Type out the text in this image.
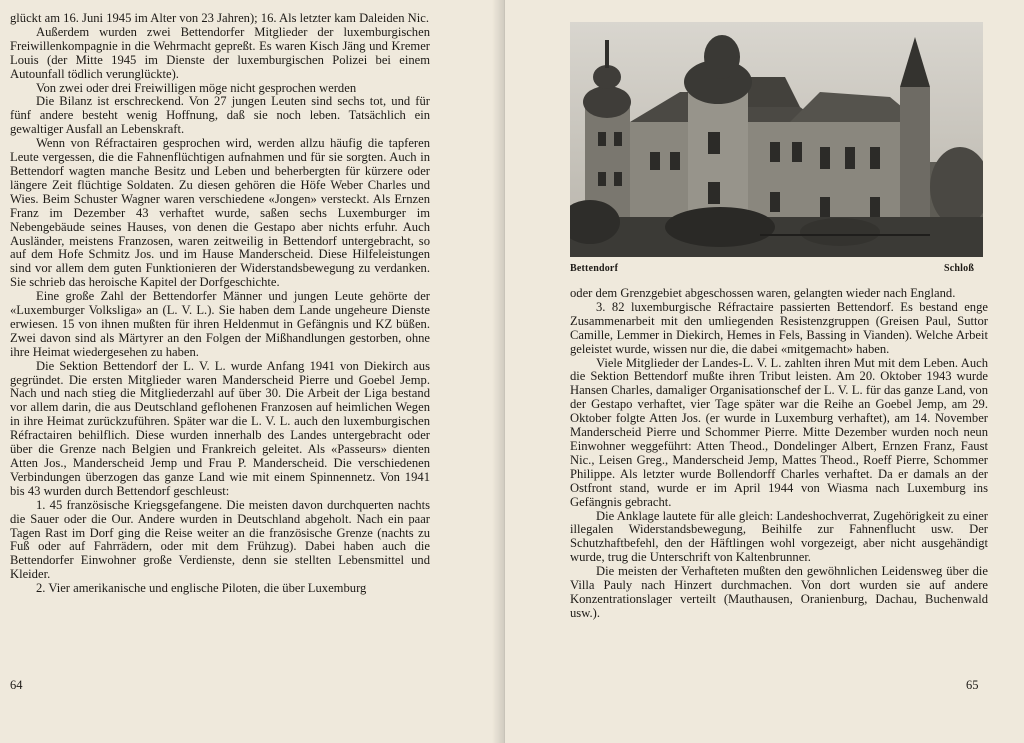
glückt am 16. Juni 1945 im Alter von 23 Jahren); 16. Als letzter kam Daleiden Nic.

Außerdem wurden zwei Bettendorfer Mitglieder der luxemburgischen Freiwillenkompagnie in die Wehrmacht gepreßt. Es waren Kisch Jäng und Kremer Louis (der Mitte 1945 im Dienste der luxemburgischen Polizei bei einem Autounfall tödlich verunglückte).

Von zwei oder drei Freiwilligen möge nicht gesprochen werden

Die Bilanz ist erschreckend. Von 27 jungen Leuten sind sechs tot, und für fünf andere besteht wenig Hoffnung, daß sie noch leben. Tatsächlich ein gewaltiger Ausfall an Lebenskraft.

Wenn von Réfractairen gesprochen wird, werden allzu häufig die tapferen Leute vergessen, die die Fahnenflüchtigen aufnahmen und für sie sorgten. Auch in Bettendorf wagten manche Besitz und Leben und beherbergten für kürzere oder längere Zeit flüchtige Soldaten. Zu diesen gehören die Höfe Weber Charles und Wies. Beim Schuster Wagner waren verschiedene «Jongen» versteckt. Als Ernzen Franz im Dezember 43 verhaftet wurde, saßen sechs Luxemburger im Nebengebäude seines Hauses, von denen die Gestapo aber nichts erfuhr. Auch Ausländer, meistens Franzosen, waren zeitweilig in Bettendorf untergebracht, so auf dem Hofe Schmitz Jos. und im Hause Manderscheid. Diese Hilfeleistungen sind vor allem dem guten Funktionieren der Widerstandsbewegung zu verdanken. Sie schrieb das heroische Kapitel der Dorfgeschichte.

Eine große Zahl der Bettendorfer Männer und jungen Leute gehörte der «Luxemburger Volksliga» an (L. V. L.). Sie haben dem Lande ungeheure Dienste erwiesen. 15 von ihnen mußten für ihren Heldenmut in Gefängnis und KZ büßen. Zwei davon sind als Märtyrer an den Folgen der Mißhandlungen gestorben, ohne ihre Heimat wiedergesehen zu haben.

Die Sektion Bettendorf der L. V. L. wurde Anfang 1941 von Diekirch aus gegründet. Die ersten Mitglieder waren Manderscheid Pierre und Goebel Jemp. Nach und nach stieg die Mitgliederzahl auf über 30. Die Arbeit der Liga bestand vor allem darin, die aus Deutschland geflohenen Franzosen auf heimlichen Wegen in ihre Heimat zurückzuführen. Später war die L. V. L. auch den luxemburgischen Réfractairen behilflich. Diese wurden innerhalb des Landes untergebracht oder über die Grenze nach Belgien und Frankreich geleitet. Als «Passeurs» dienten Atten Jos., Manderscheid Jemp und Frau P. Manderscheid. Die verschiedenen Verbindungen überzogen das ganze Land wie mit einem Spinnennetz. Von 1941 bis 43 wurden durch Bettendorf geschleust:

1. 45 französische Kriegsgefangene. Die meisten davon durchquerten nachts die Sauer oder die Our. Andere wurden in Deutschland abgeholt. Nach ein paar Tagen Rast im Dorf ging die Reise weiter an die französische Grenze (nachts zu Fuß oder auf Fahrrädern, oder mit dem Frühzug). Dabei haben auch die Bettendorfer Einwohner große Verdienste, denn sie stellten Lebensmittel und Kleider.

2. Vier amerikanische und englische Piloten, die über Luxemburg

64

oder dem Grenzgebiet abgeschossen waren, gelangten wieder nach England.

3. 82 luxemburgische Réfractaire passierten Bettendorf. Es bestand enge Zusammenarbeit mit den umliegenden Resistenzgruppen (Greisen Paul, Suttor Camille, Lemmer in Diekirch, Hemes in Fels, Bassing in Vianden). Welche Arbeit geleistet wurde, wissen nur die, die dabei «mitgemacht» haben.

Viele Mitglieder der Landes-L. V. L. zahlten ihren Mut mit dem Leben. Auch die Sektion Bettendorf mußte ihren Tribut leisten. Am 20. Oktober 1943 wurde Hansen Charles, damaliger Organisationschef der L. V. L. für das ganze Land, von der Gestapo verhaftet, vier Tage später war die Reihe an Goebel Jemp, am 29. Oktober folgte Atten Jos. (er wurde in Luxemburg verhaftet), am 14. November Manderscheid Pierre und Schommer Pierre. Mitte Dezember wurden noch neun Einwohner weggeführt: Atten Theod., Dondelinger Albert, Ernzen Franz, Faust Nic., Leisen Greg., Manderscheid Jemp, Mattes Theod., Roeff Pierre, Schommer Philippe. Als letzter wurde Bollendorff Charles verhaftet. Da er damals an der Ostfront stand, wurde er im April 1944 von Wiasma nach Luxemburg ins Gefängnis gebracht.

Die Anklage lautete für alle gleich: Landeshochverrat, Zugehörigkeit zu einer illegalen Widerstandsbewegung, Beihilfe zur Fahnenflucht usw. Der Schutzhaftbefehl, den der Häftlingen wohl vorgezeigt, aber nicht ausgehändigt wurde, trug die Unterschrift von Kaltenbrunner.

Die meisten der Verhafteten mußten den gewöhnlichen Leidensweg über die Villa Pauly nach Hinzert durchmachen. Von dort wurden sie auf andere Konzentrationslager verteilt (Mauthausen, Oranienburg, Dachau, Buchenwald usw.).

Bettendorf	Schloß
65
